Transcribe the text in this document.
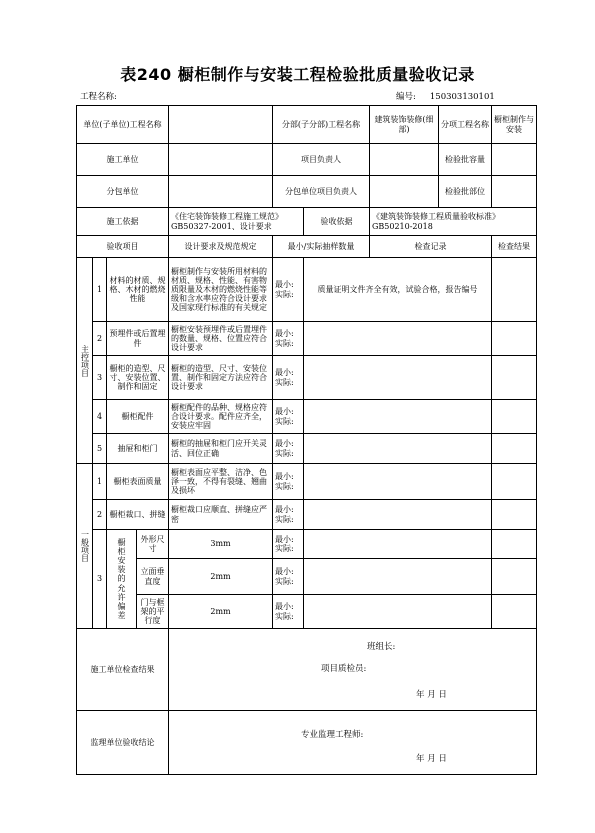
表240 橱柜制作与安装工程检验批质量验收记录
工程名称:	编号: 150303130101
单位(子单位)工程名称					分部(子分部)工程名称		建筑装饰装修(细部)	分项工程名称	橱柜制作与安装
施工单位					项目负责人			检验批容量	
分包单位					分包单位项目负责人			检验批部位	
施工依据				《住宅装饰装修工程施工规范》GB50327-2001、设计要求		验收依据	《建筑装饰装修工程质量验收标准》GB50210-2018		
验收项目				设计要求及规范规定	最小/实际抽样数量		检查记录		检查结果

主控项目	1	材料的材质、规格、木材的燃烧性能		橱柜制作与安装所用材料的材质、规格、性能、有害物质限量及木材的燃烧性能等级和含水率应符合设计要求及国家现行标准的有关规定	最小:
实际:	质量证明文件齐全有效，试验合格，报告编号			
	2	预埋件或后置埋件		橱柜安装预埋件或后置埋件的数量、规格、位置应符合设计要求	最小:
实际:				
	3	橱柜的造型、尺寸、安装位置、制作和固定		橱柜的造型、尺寸、安装位置、制作和固定方法应符合设计要求	最小:
实际:				
	4	橱柜配件		橱柜配件的品种、规格应符合设计要求。配件应齐全，安装应牢固	最小:
实际:				
	5	抽屉和柜门		橱柜的抽屉和柜门应开关灵活、回位正确	最小:
实际:				

一般项目	1	橱柜表面质量		橱柜表面应平整、洁净、色泽一致，不得有裂缝、翘曲及损坏	最小:
实际:				
	2	橱柜裁口、拼缝		橱柜裁口应顺直、拼缝应严密	最小:
实际:				
	3	橱柜安装的允许偏差	外形尺寸	3mm	最小:
实际:				
			立面垂直度	2mm	最小:
实际:				
			门与框架的平行度	2mm	最小:
实际:				
施工单位检查结果				班组长:
项目质检员:
年 月 日					

监理单位验收结论				专业监理工程师:
年 月 日					
